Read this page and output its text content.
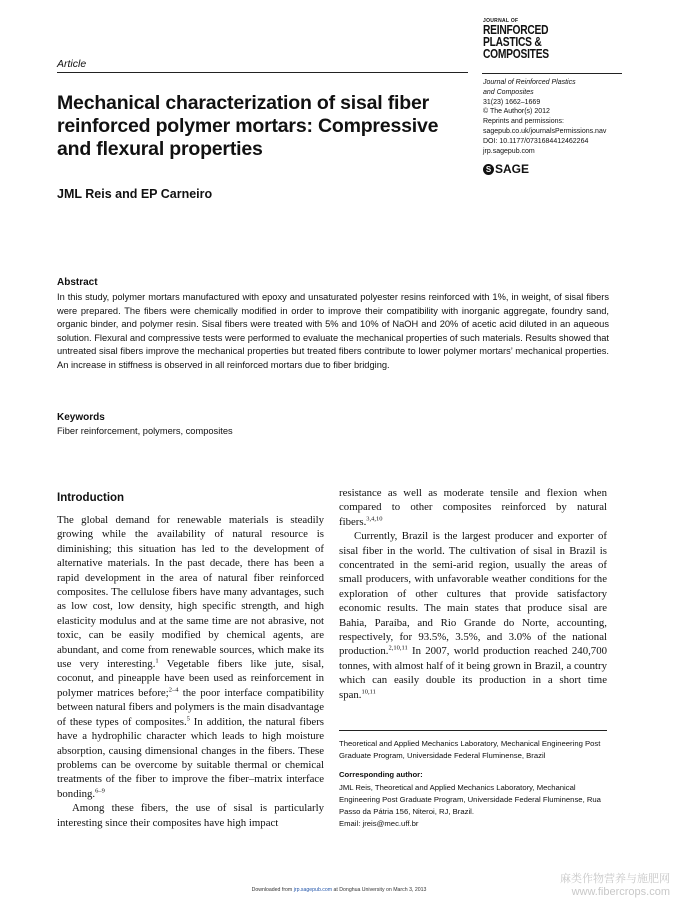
Article
JOURNAL OF
REINFORCED
PLASTICS &
COMPOSITES
Journal of Reinforced Plastics
and Composites
31(23) 1662–1669
© The Author(s) 2012
Reprints and permissions:
sagepub.co.uk/journalsPermissions.nav
DOI: 10.1177/0731684412462264
jrp.sagepub.com
S SAGE
Mechanical characterization of sisal fiber reinforced polymer mortars: Compressive and flexural properties
JML Reis and EP Carneiro
Abstract
In this study, polymer mortars manufactured with epoxy and unsaturated polyester resins reinforced with 1%, in weight, of sisal fibers were prepared. The fibers were chemically modified in order to improve their compatibility with inorganic aggregate, foundry sand, organic binder, and polymer resin. Sisal fibers were treated with 5% and 10% of NaOH and 20% of acetic acid diluted in an aqueous solution. Flexural and compressive tests were performed to evaluate the mechanical properties of such materials. Results showed that untreated sisal fibers improve the mechanical properties but treated fibers contribute to lower polymer mortars’ mechanical properties. An increase in stiffness is observed in all reinforced mortars due to fiber bridging.
Keywords
Fiber reinforcement, polymers, composites
Introduction

The global demand for renewable materials is steadily growing while the availability of natural resource is diminishing; this situation has led to the development of alternative materials. In the past decade, there has been a rapid development in the area of natural fiber reinforced composites. The cellulose fibers have many advantages, such as low cost, low density, high specific strength, and high elasticity modulus and at the same time are not abrasive, not toxic, can be easily modified by chemical agents, are abundant, and come from renewable sources, which make its use very interesting.$^1$ Vegetable fibers like jute, sisal, coconut, and pineapple have been used as reinforcement in polymer matrices before;$^{2-4}$ the poor interface compatibility between natural fibers and polymers is the main disadvantage of these types of composites.$^5$ In addition, the natural fibers have a hydrophilic character which leads to high moisture absorption, causing dimensional changes in the fibers. These problems can be overcome by suitable thermal or chemical treatments of the fiber to improve the fiber–matrix interface bonding.$^{6-9}$

Among these fibers, the use of sisal is particularly interesting since their composites have high impact

resistance as well as moderate tensile and flexion when compared to other composites reinforced by natural fibers.$^{3,4,10}$

Currently, Brazil is the largest producer and exporter of sisal fiber in the world. The cultivation of sisal in Brazil is concentrated in the semi-arid region, usually the areas of small producers, with unfavorable weather conditions for the exploration of other cultures that provide satisfactory economic results. The main states that produce sisal are Bahia, Paraíba, and Rio Grande do Norte, accounting, respectively, for 93.5%, 3.5%, and 3.0% of the national production.$^{2,10,11}$ In 2007, world production reached 240,700 tonnes, with almost half of it being grown in Brazil, a country which can easily double its production in a short time span.$^{10,11}$

Theoretical and Applied Mechanics Laboratory, Mechanical Engineering Post Graduate Program, Universidade Federal Fluminense, Brazil
Corresponding author:
JML Reis, Theoretical and Applied Mechanics Laboratory, Mechanical Engineering Post Graduate Program, Universidade Federal Fluminense, Rua Passo da Pátria 156, Niteroi, RJ, Brazil.
Email: jreis@mec.uff.br
Downloaded from jrp.sagepub.com at Donghua University on March 3, 2013
麻类作物营养与施肥网
www.fibercrops.com
